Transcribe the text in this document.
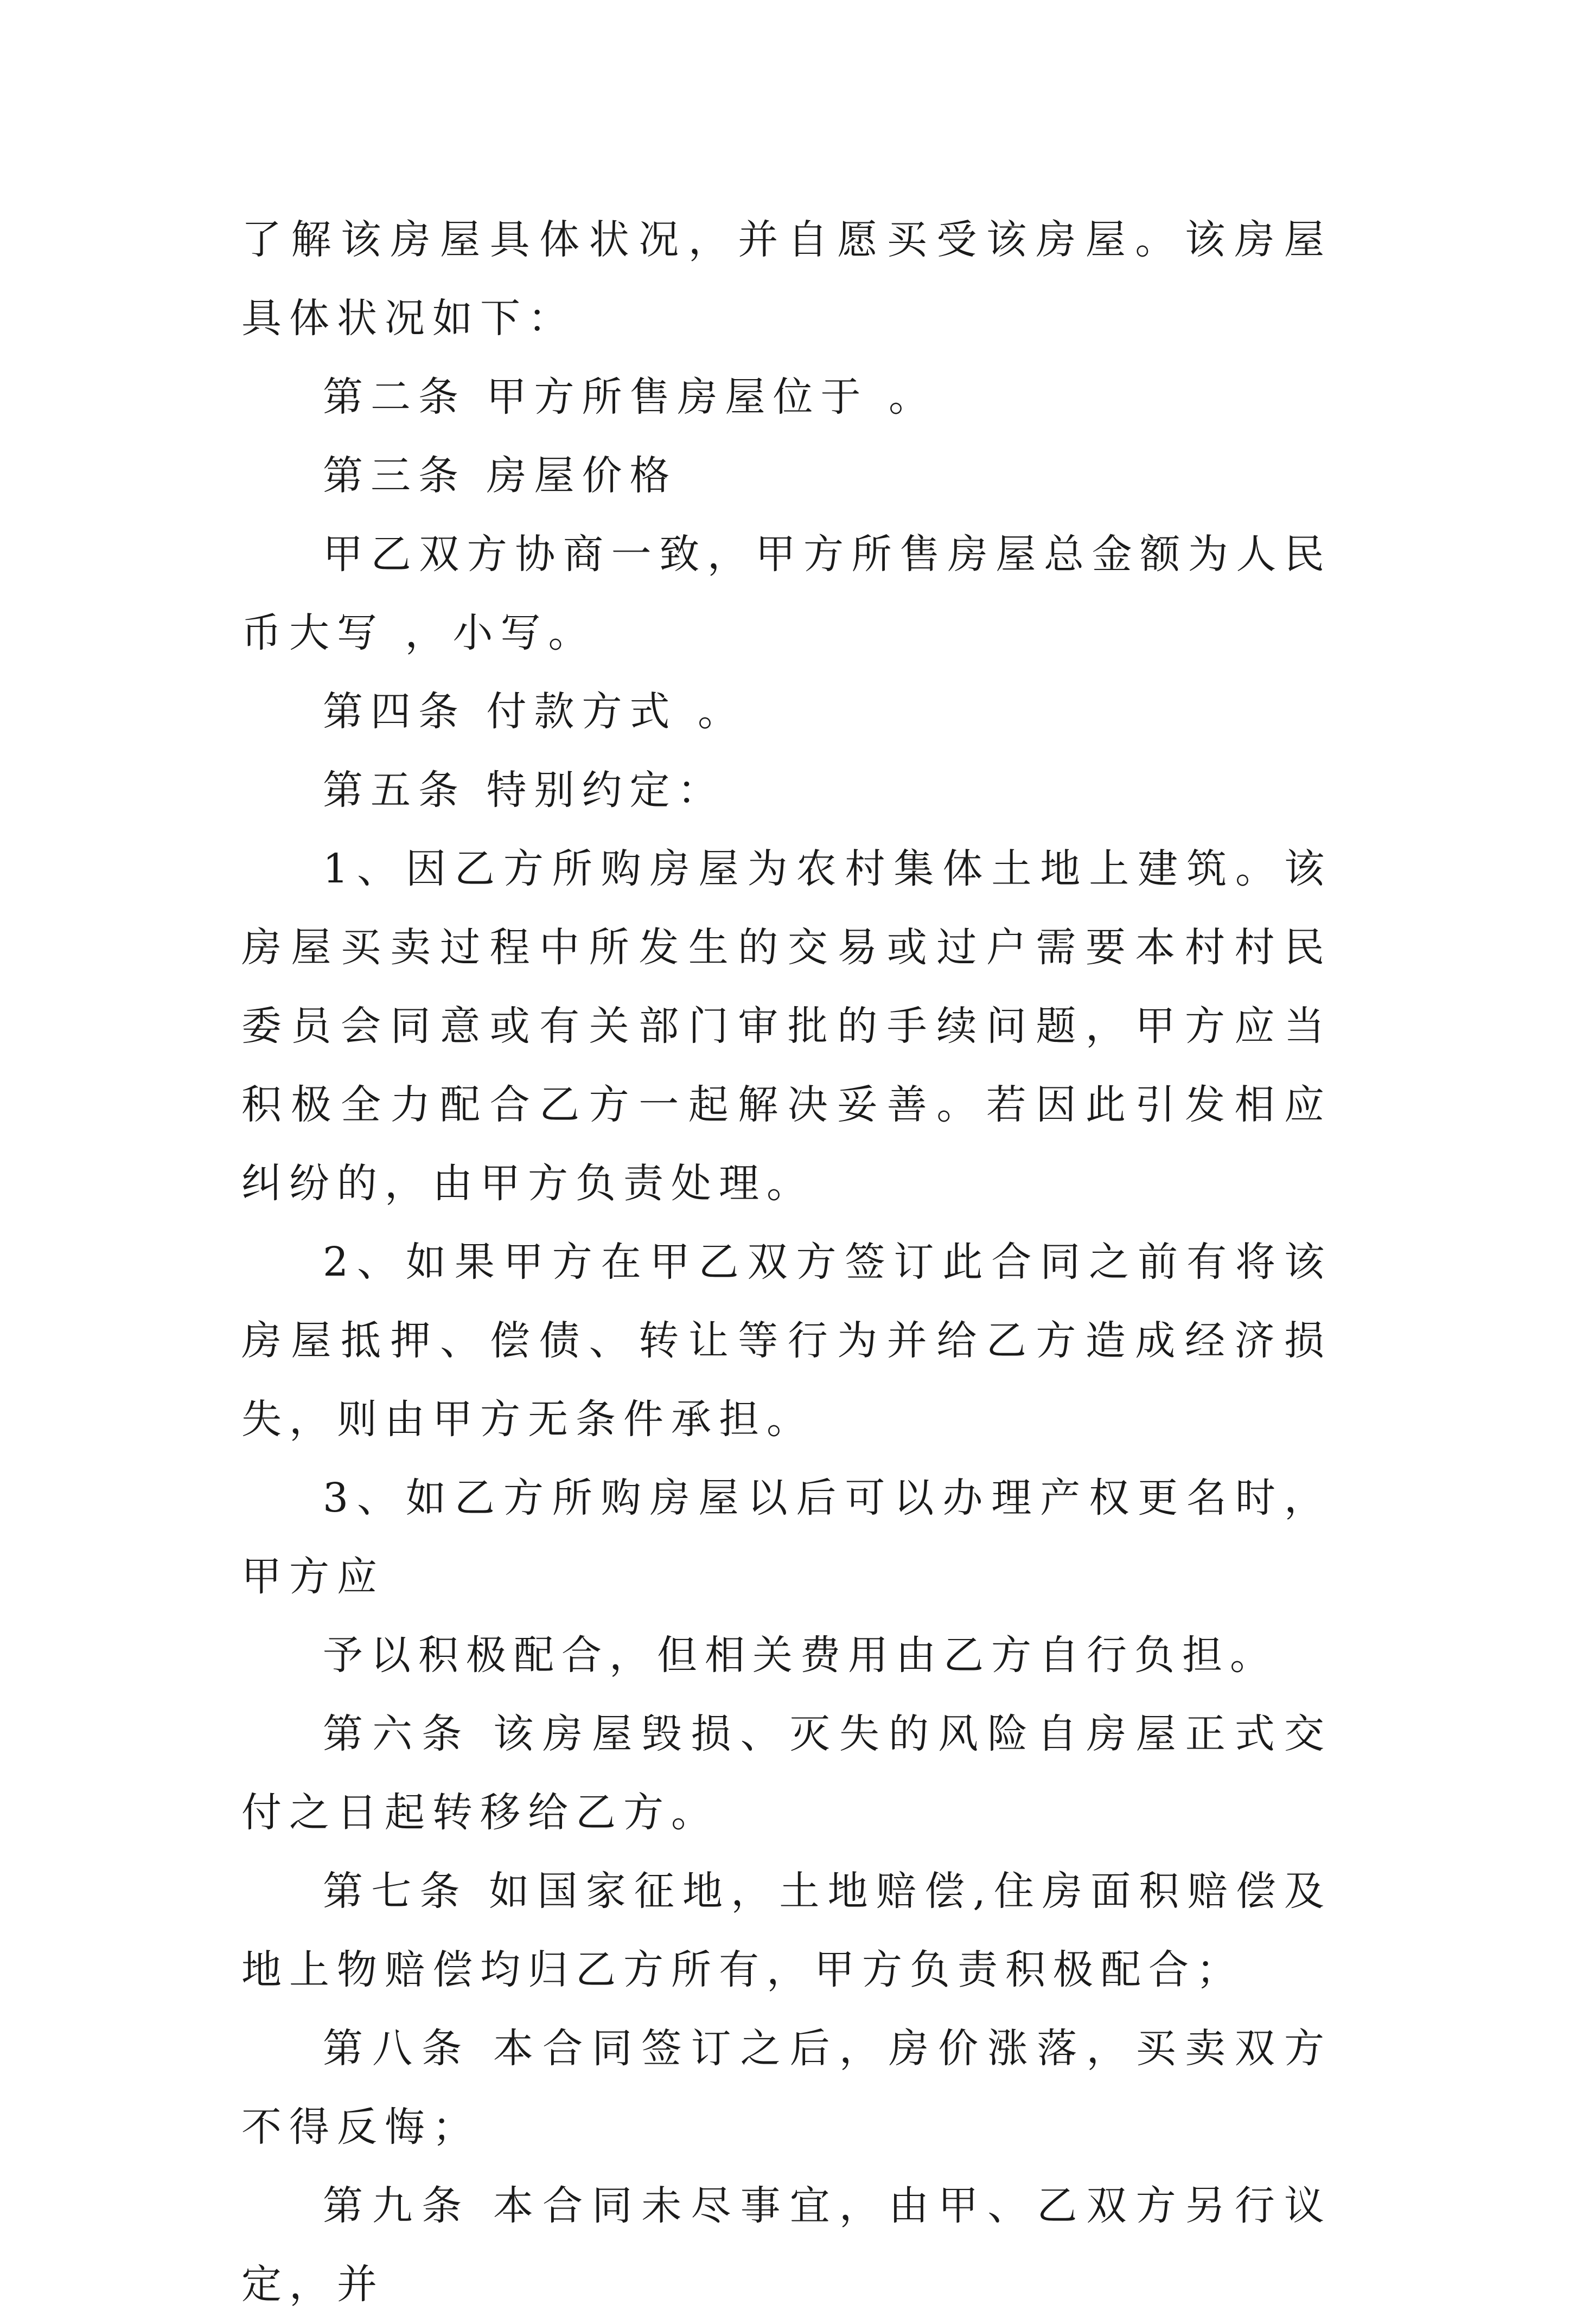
了解该房屋具体状况，并自愿买受该房屋。该房屋具体状况如下：

第二条 甲方所售房屋位于 。

第三条 房屋价格

甲乙双方协商一致，甲方所售房屋总金额为人民币大写 ，小写。

第四条 付款方式 。

第五条 特别约定：

1、因乙方所购房屋为农村集体土地上建筑。该房屋买卖过程中所发生的交易或过户需要本村村民委员会同意或有关部门审批的手续问题，甲方应当积极全力配合乙方一起解决妥善。若因此引发相应纠纷的，由甲方负责处理。

2、如果甲方在甲乙双方签订此合同之前有将该房屋抵押、偿债、转让等行为并给乙方造成经济损失，则由甲方无条件承担。

3、如乙方所购房屋以后可以办理产权更名时，甲方应

予以积极配合，但相关费用由乙方自行负担。

第六条 该房屋毁损、灭失的风险自房屋正式交付之日起转移给乙方。

第七条 如国家征地，土地赔偿,住房面积赔偿及地上物赔偿均归乙方所有，甲方负责积极配合；

第八条 本合同签订之后，房价涨落，买卖双方不得反悔；

第九条 本合同未尽事宜，由甲、乙双方另行议定，并
